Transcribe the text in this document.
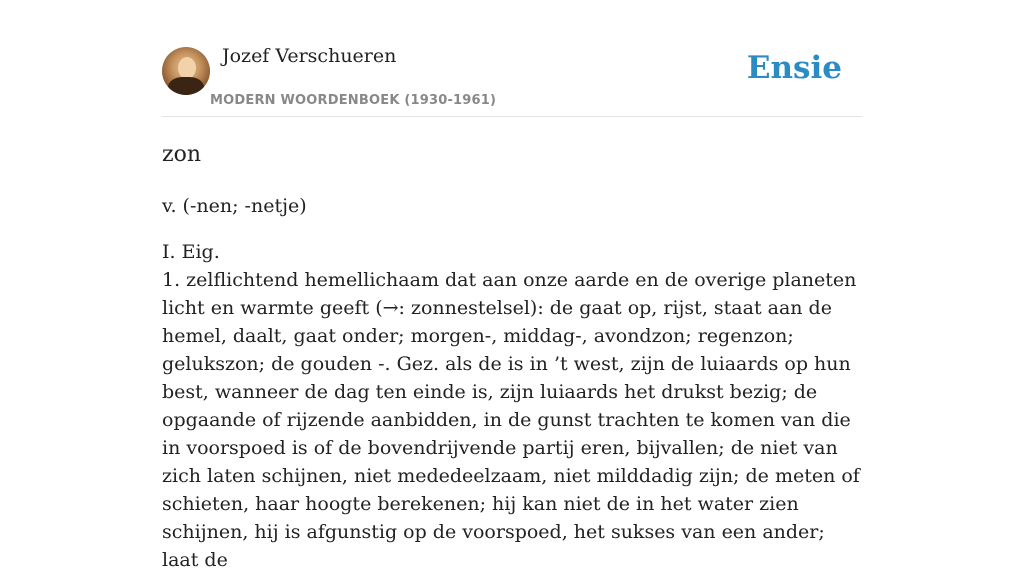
Jozef Verschueren
MODERN WOORDENBOEK (1930-1961)
Ensie
zon

v. (-nen; -netje)

I. Eig.

1. zelflichtend hemellichaam dat aan onze aarde en de overige planeten licht en warmte geeft (→: zonnestelsel): de gaat op, rijst, staat aan de hemel, daalt, gaat onder; morgen-, middag-, avondzon; regenzon; gelukszon; de gouden -. Gez. als de is in ’t west, zijn de luiaards op hun best, wanneer de dag ten einde is, zijn luiaards het drukst bezig; de opgaande of rijzende aanbidden, in de gunst trachten te komen van die in voorspoed is of de bovendrijvende partij eren, bijvallen; de niet van zich laten schijnen, niet mededeelzaam, niet milddadig zijn; de meten of schieten, haar hoogte berekenen; hij kan niet de in het water zien schijnen, hij is afgunstig op de voorspoed, het sukses van een ander; laat de
